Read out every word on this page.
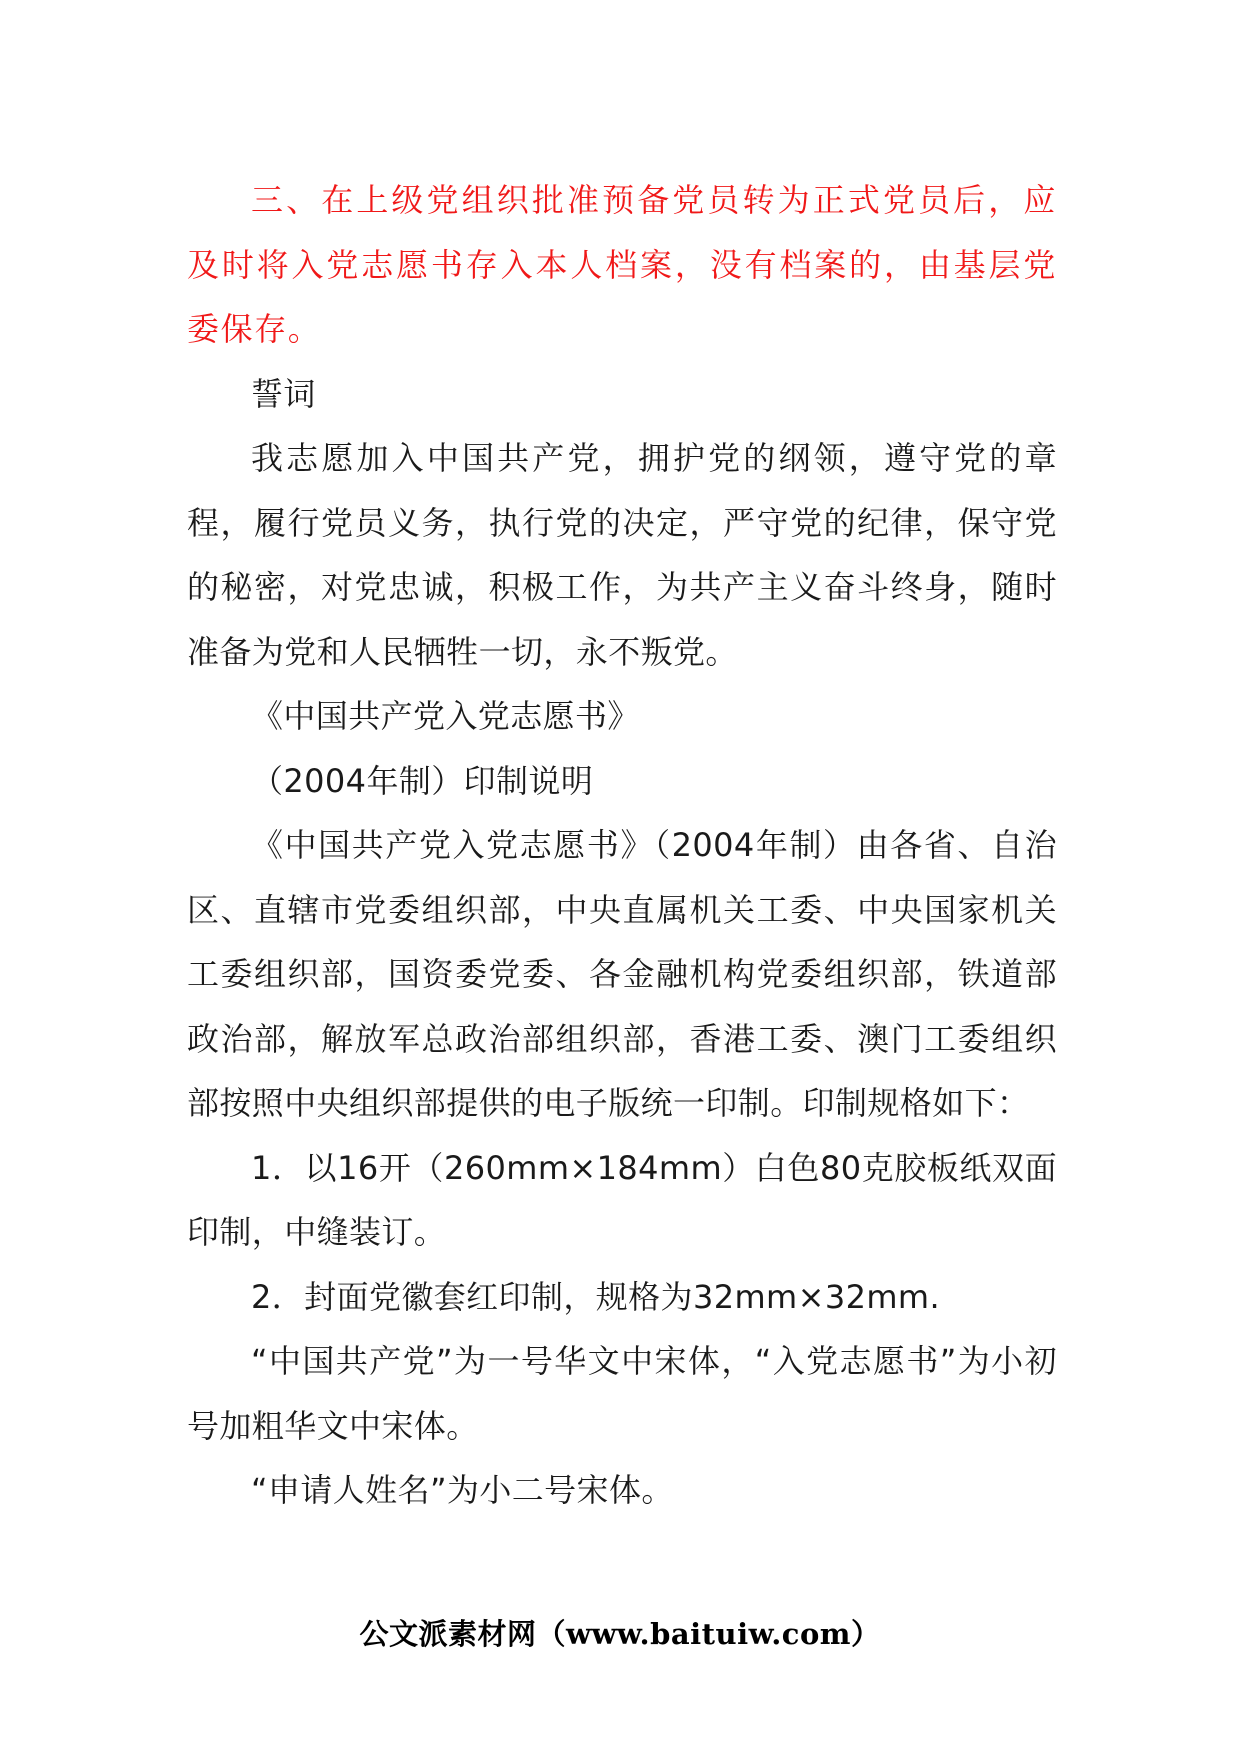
三、在上级党组织批准预备党员转为正式党员后，应及时将入党志愿书存入本人档案，没有档案的，由基层党委保存。

誓词

我志愿加入中国共产党，拥护党的纲领，遵守党的章程，履行党员义务，执行党的决定，严守党的纪律，保守党的秘密，对党忠诚，积极工作，为共产主义奋斗终身，随时准备为党和人民牺牲一切，永不叛党。

《中国共产党入党志愿书》

（2004年制）印制说明

《中国共产党入党志愿书》（2004年制）由各省、自治区、直辖市党委组织部，中央直属机关工委、中央国家机关工委组织部，国资委党委、各金融机构党委组织部，铁道部政治部，解放军总政治部组织部，香港工委、澳门工委组织部按照中央组织部提供的电子版统一印制。印制规格如下：

1．以16开（260mm×184mm）白色80克胶板纸双面印制，中缝装订。

2．封面党徽套红印制，规格为32mm×32mm.

“中国共产党”为一号华文中宋体，“入党志愿书”为小初号加粗华文中宋体。

“申请人姓名”为小二号宋体。

公文派素材网（www.baituiw.com）
